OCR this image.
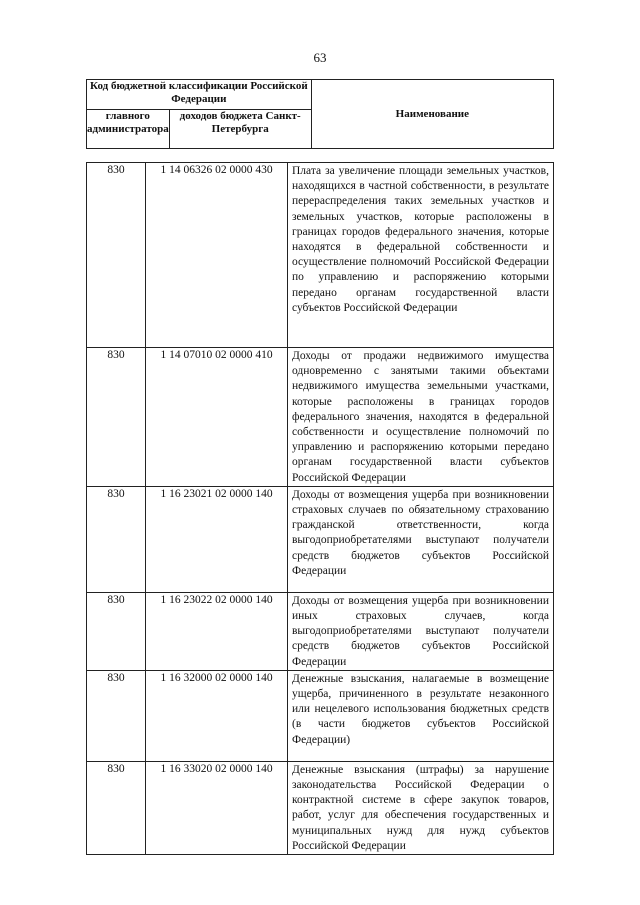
63
Код бюджетной классификации Российской Федерации		Наименование
главного администратора	доходов бюджета Санкт-Петербурга	
830	1 14 06326 02 0000 430	Плата за увеличение площади земельных участков, находящихся в частной собственности, в результате перераспределения таких земельных участков и земельных участков, которые расположены в границах городов федерального значения, которые находятся в федеральной собственности и осуществление полномочий Российской Федерации по управлению и распоряжению которыми передано органам государственной власти субъектов Российской Федерации
830	1 14 07010 02 0000 410	Доходы от продажи недвижимого имущества одновременно с занятыми такими объектами недвижимого имущества земельными участками, которые расположены в границах городов федерального значения, находятся в федеральной собственности и осуществление полномочий по управлению и распоряжению которыми передано органам государственной власти субъектов Российской Федерации
830	1 16 23021 02 0000 140	Доходы от возмещения ущерба при возникновении страховых случаев по обязательному страхованию гражданской ответственности, когда выгодоприобретателями выступают получатели средств бюджетов субъектов Российской Федерации
830	1 16 23022 02 0000 140	Доходы от возмещения ущерба при возникновении иных страховых случаев, когда выгодоприобретателями выступают получатели средств бюджетов субъектов Российской Федерации
830	1 16 32000 02 0000 140	Денежные взыскания, налагаемые в возмещение ущерба, причиненного в результате незаконного или нецелевого использования бюджетных средств (в части бюджетов субъектов Российской Федерации)
830	1 16 33020 02 0000 140	Денежные взыскания (штрафы) за нарушение законодательства Российской Федерации о контрактной системе в сфере закупок товаров, работ, услуг для обеспечения государственных и муниципальных нужд для нужд субъектов Российской Федерации
